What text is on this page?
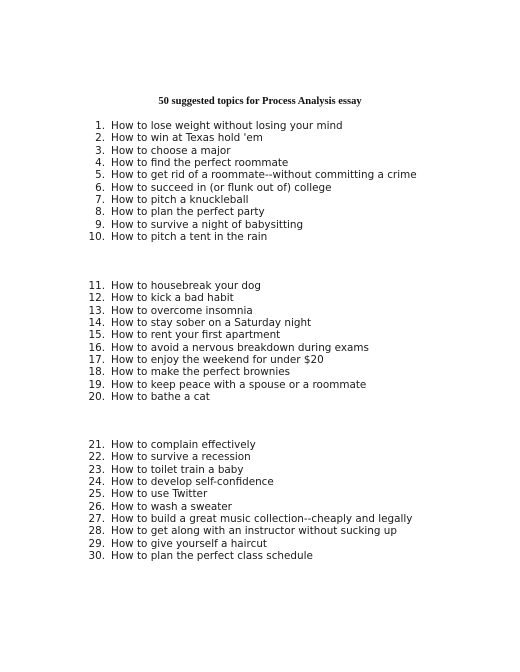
50 suggested topics for Process Analysis essay
1. How to lose weight without losing your mind
2. How to win at Texas hold 'em
3. How to choose a major
4. How to find the perfect roommate
5. How to get rid of a roommate--without committing a crime
6. How to succeed in (or flunk out of) college
7. How to pitch a knuckleball
8. How to plan the perfect party
9. How to survive a night of babysitting
10. How to pitch a tent in the rain
11. How to housebreak your dog
12. How to kick a bad habit
13. How to overcome insomnia
14. How to stay sober on a Saturday night
15. How to rent your first apartment
16. How to avoid a nervous breakdown during exams
17. How to enjoy the weekend for under $20
18. How to make the perfect brownies
19. How to keep peace with a spouse or a roommate
20. How to bathe a cat
21. How to complain effectively
22. How to survive a recession
23. How to toilet train a baby
24. How to develop self-confidence
25. How to use Twitter
26. How to wash a sweater
27. How to build a great music collection--cheaply and legally
28. How to get along with an instructor without sucking up
29. How to give yourself a haircut
30. How to plan the perfect class schedule
